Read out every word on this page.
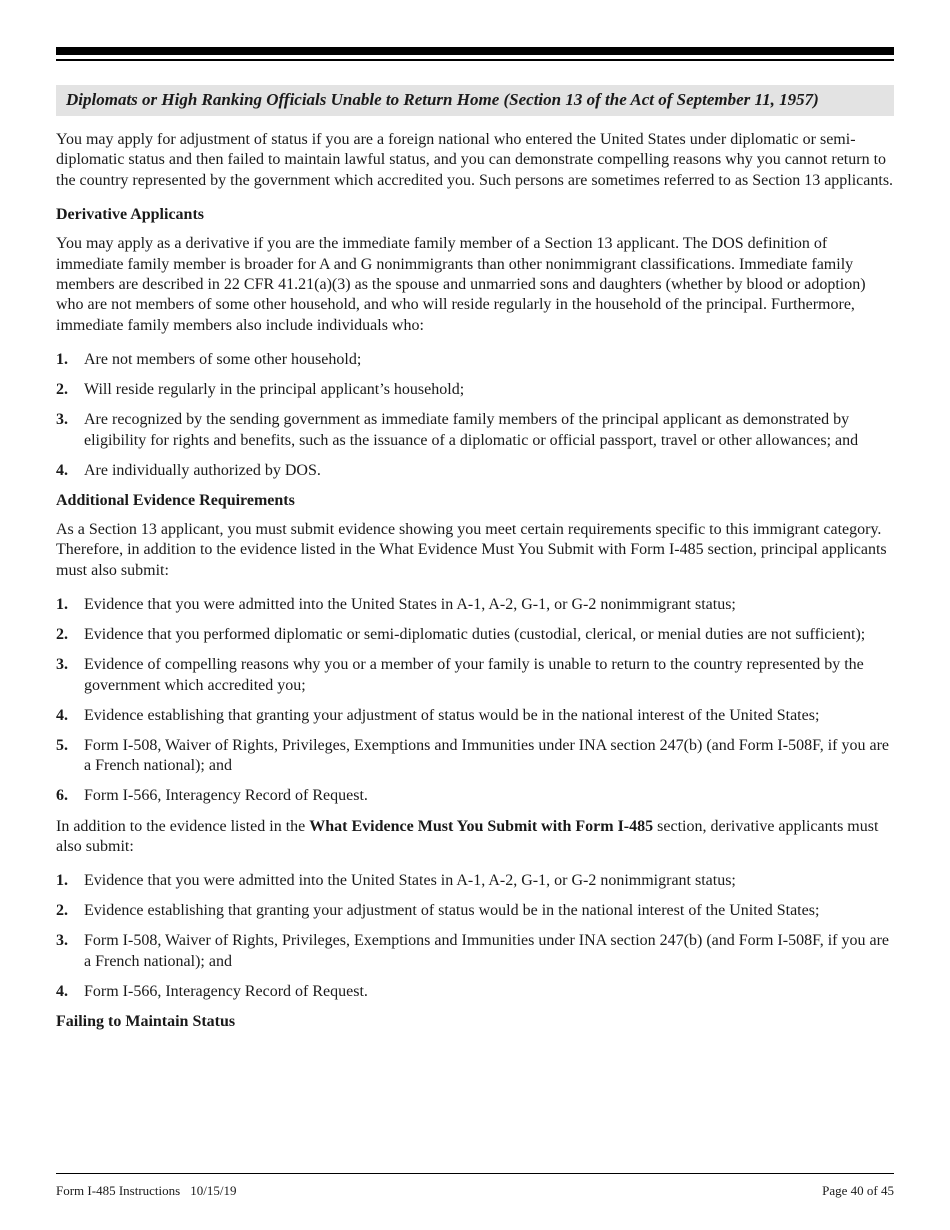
Diplomats or High Ranking Officials Unable to Return Home (Section 13 of the Act of September 11, 1957)

You may apply for adjustment of status if you are a foreign national who entered the United States under diplomatic or semi-diplomatic status and then failed to maintain lawful status, and you can demonstrate compelling reasons why you cannot return to the country represented by the government which accredited you. Such persons are sometimes referred to as Section 13 applicants.

Derivative Applicants

You may apply as a derivative if you are the immediate family member of a Section 13 applicant. The DOS definition of immediate family member is broader for A and G nonimmigrants than other nonimmigrant classifications. Immediate family members are described in 22 CFR 41.21(a)(3) as the spouse and unmarried sons and daughters (whether by blood or adoption) who are not members of some other household, and who will reside regularly in the household of the principal. Furthermore, immediate family members also include individuals who:

1. Are not members of some other household;
2. Will reside regularly in the principal applicant’s household;
3. Are recognized by the sending government as immediate family members of the principal applicant as demonstrated by eligibility for rights and benefits, such as the issuance of a diplomatic or official passport, travel or other allowances; and
4. Are individually authorized by DOS.
Additional Evidence Requirements

As a Section 13 applicant, you must submit evidence showing you meet certain requirements specific to this immigrant category. Therefore, in addition to the evidence listed in the What Evidence Must You Submit with Form I-485 section, principal applicants must also submit:

1. Evidence that you were admitted into the United States in A-1, A-2, G-1, or G-2 nonimmigrant status;
2. Evidence that you performed diplomatic or semi-diplomatic duties (custodial, clerical, or menial duties are not sufficient);
3. Evidence of compelling reasons why you or a member of your family is unable to return to the country represented by the government which accredited you;
4. Evidence establishing that granting your adjustment of status would be in the national interest of the United States;
5. Form I-508, Waiver of Rights, Privileges, Exemptions and Immunities under INA section 247(b) (and Form I-508F, if you are a French national); and
6. Form I-566, Interagency Record of Request.

In addition to the evidence listed in the What Evidence Must You Submit with Form I-485 section, derivative applicants must also submit:

1. Evidence that you were admitted into the United States in A-1, A-2, G-1, or G-2 nonimmigrant status;
2. Evidence establishing that granting your adjustment of status would be in the national interest of the United States;
3. Form I-508, Waiver of Rights, Privileges, Exemptions and Immunities under INA section 247(b) (and Form I-508F, if you are a French national); and
4. Form I-566, Interagency Record of Request.
Failing to Maintain Status
Form I-485 Instructions 10/15/19	Page 40 of 45
